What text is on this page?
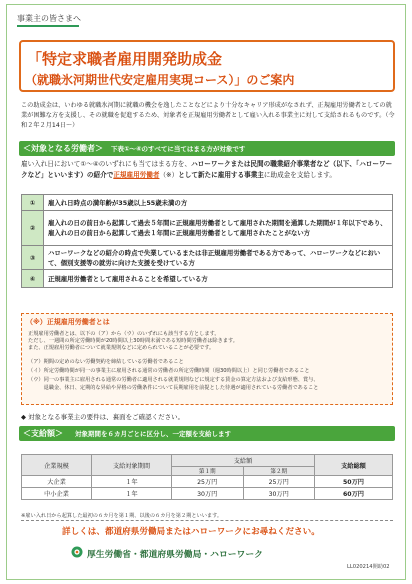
事業主の皆さまへ
「特定求職者雇用開発助成金
（就職氷河期世代安定雇用実現コース）」のご案内

この助成金は、いわゆる就職氷河期に就職の機会を逸したことなどにより十分なキャリア形成がなされず、正規雇用労働者としての就業が困難な方を支援し、その就職を促進するため、対象者を正規雇用労働者として雇い入れる事業主に対して支給されるものです。（令和２年２月14日～）

＜対象となる労働者＞ 下表①～④のすべてに当てはまる方が対象です

雇い入れ日において①～④のいずれにも当てはまる方を、ハローワークまたは民間の職業紹介事業者など（以下、「ハローワークなど」といいます）の紹介で正規雇用労働者（※）として新たに雇用する事業主に助成金を支給します。

①	雇入れ日時点の満年齢が35歳以上55歳未満の方
②	雇入れの日の前日から起算して過去５年間に正規雇用労働者として雇用された期間を通算した期間が１年以下であり、雇入れの日の前日から起算して過去１年間に正規雇用労働者として雇用されたことがない方
③	ハローワークなどの紹介の時点で失業しているまたは非正規雇用労働者である方であって、ハローワークなどにおいて、個別支援等の就労に向けた支援を受けている方
④	正規雇用労働者として雇用されることを希望している方
（※）正規雇用労働者とは
正規雇用労働者とは、以下の（ア）から（ウ）のいずれにも該当する方とします。
ただし、一週間の所定労働時間が20時間以上30時間未満である短時間労働者は除きます。
また、正規雇用労働者について就業規則などに定められていることが必要です。
（ア）期間の定めのない労働契約を締結している労働者であること
（イ）所定労働時間が同一の事業主に雇用される通常の労働者の所定労働時間（週30時間以上）と同じ労働者であること
（ウ）同一の事業主に雇用される通常の労働者に適用される就業規則などに規定する賃金の算定方法および支給形態、賞与、
　　　退職金、休日、定期的な昇給や昇格の労働条件について長期雇用を前提とした待遇が適用されている労働者であること
◆ 対象となる事業主の要件は、裏面をご確認ください。
＜支給額＞ 対象期間を６カ月ごとに区分し、一定額を支給します
企業規模	支給対象期間	支給額		支給総額
		第１期	第２期	
大企業	１年	25万円	25万円	50万円
中小企業	１年	30万円	30万円	60万円
※雇い入れ日から起算した最初の６カ月を第１期、以後の６カ月を第２期といいます。
詳しくは、都道府県労働局またはハローワークにお尋ねください。
厚生労働省・都道府県労働局・ハローワーク
LL020214開助02
